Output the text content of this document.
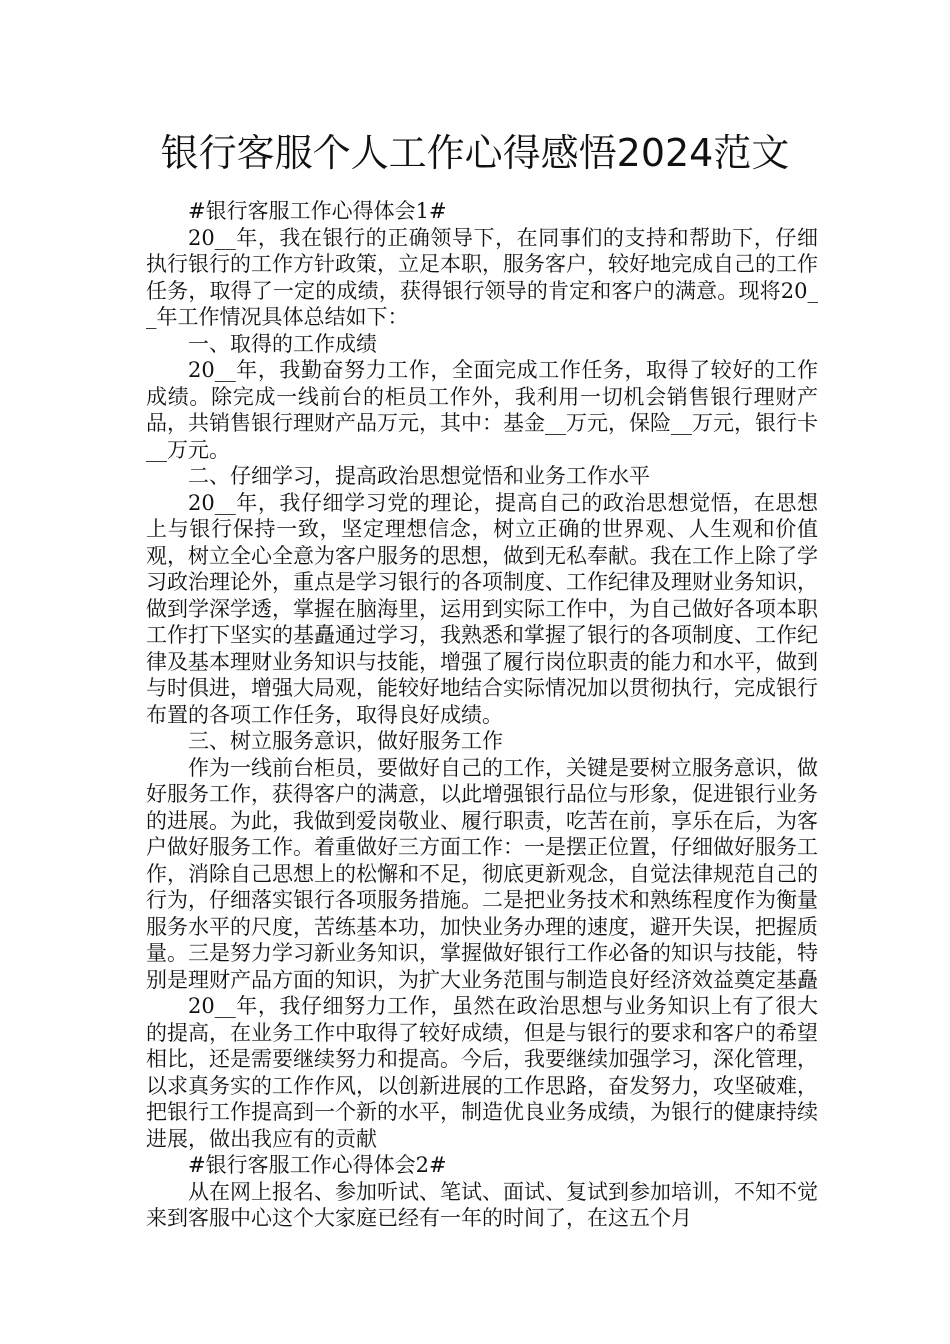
银行客服个人工作心得感悟2024范文

#银行客服工作心得体会1#

20__年，我在银行的正确领导下，在同事们的支持和帮助下，仔细执行银行的工作方针政策，立足本职，服务客户，较好地完成自己的工作任务，取得了一定的成绩，获得银行领导的肯定和客户的满意。现将20__年工作情况具体总结如下：

一、取得的工作成绩

20__年，我勤奋努力工作，全面完成工作任务，取得了较好的工作成绩。除完成一线前台的柜员工作外，我利用一切机会销售银行理财产品，共销售银行理财产品万元，其中：基金__万元，保险__万元，银行卡__万元。

二、仔细学习，提高政治思想觉悟和业务工作水平

20__年，我仔细学习党的理论，提高自己的政治思想觉悟，在思想上与银行保持一致，坚定理想信念，树立正确的世界观、人生观和价值观，树立全心全意为客户服务的思想，做到无私奉献。我在工作上除了学习政治理论外，重点是学习银行的各项制度、工作纪律及理财业务知识，做到学深学透，掌握在脑海里，运用到实际工作中，为自己做好各项本职工作打下坚实的基矗通过学习，我熟悉和掌握了银行的各项制度、工作纪律及基本理财业务知识与技能，增强了履行岗位职责的能力和水平，做到与时俱进，增强大局观，能较好地结合实际情况加以贯彻执行，完成银行布置的各项工作任务，取得良好成绩。

三、树立服务意识，做好服务工作

作为一线前台柜员，要做好自己的工作，关键是要树立服务意识，做好服务工作，获得客户的满意，以此增强银行品位与形象，促进银行业务的进展。为此，我做到爱岗敬业、履行职责，吃苦在前，享乐在后，为客户做好服务工作。着重做好三方面工作：一是摆正位置，仔细做好服务工作，消除自己思想上的松懈和不足，彻底更新观念，自觉法律规范自己的行为，仔细落实银行各项服务措施。二是把业务技术和熟练程度作为衡量服务水平的尺度，苦练基本功，加快业务办理的速度，避开失误，把握质量。三是努力学习新业务知识，掌握做好银行工作必备的知识与技能，特别是理财产品方面的知识，为扩大业务范围与制造良好经济效益奠定基矗

20__年，我仔细努力工作，虽然在政治思想与业务知识上有了很大的提高，在业务工作中取得了较好成绩，但是与银行的要求和客户的希望相比，还是需要继续努力和提高。今后，我要继续加强学习，深化管理，以求真务实的工作作风，以创新进展的工作思路，奋发努力，攻坚破难，把银行工作提高到一个新的水平，制造优良业务成绩，为银行的健康持续进展，做出我应有的贡献

#银行客服工作心得体会2#

从在网上报名、参加听试、笔试、面试、复试到参加培训，不知不觉来到客服中心这个大家庭已经有一年的时间了，在这五个月
